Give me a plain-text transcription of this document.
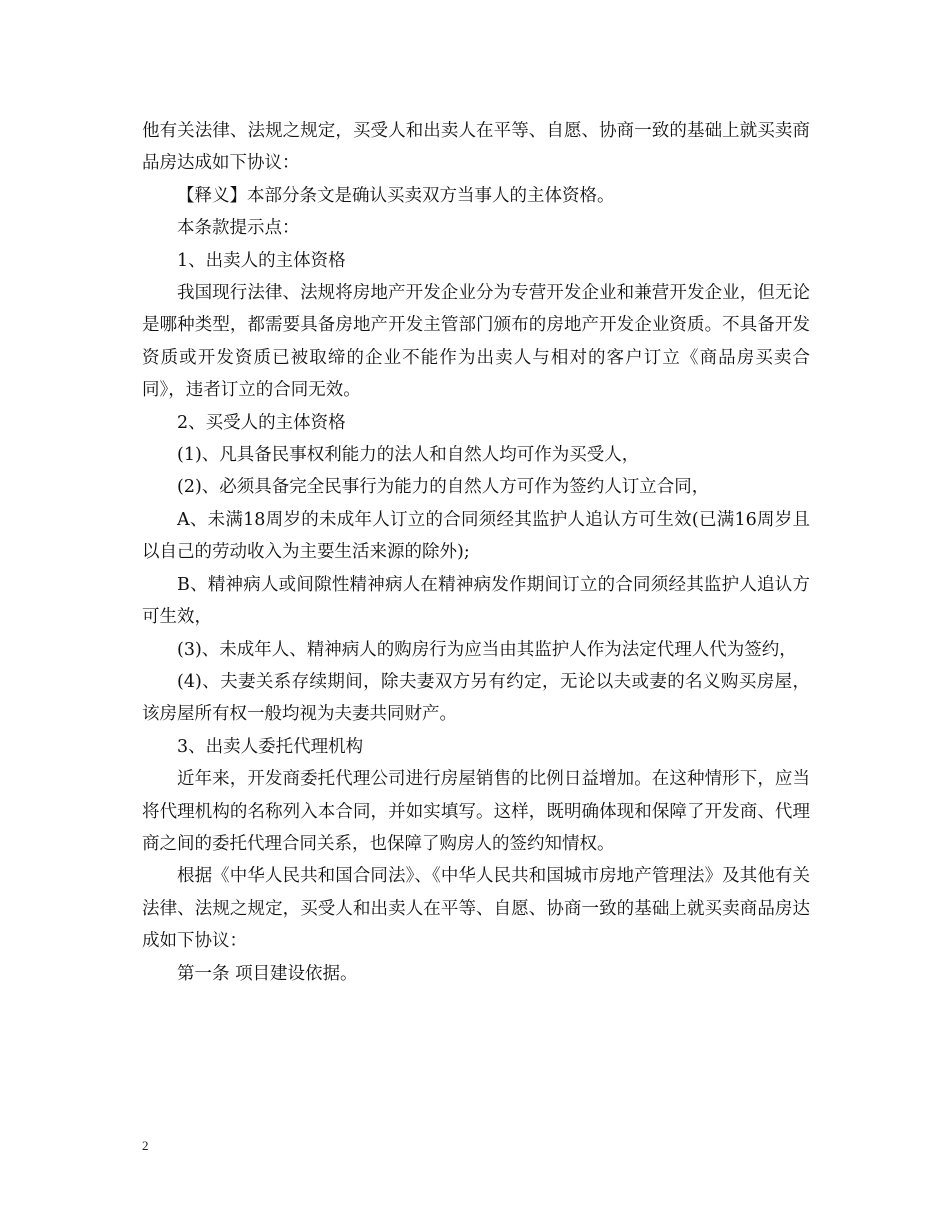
他有关法律、法规之规定，买受人和出卖人在平等、自愿、协商一致的基础上就买卖商品房达成如下协议：

【释义】本部分条文是确认买卖双方当事人的主体资格。

本条款提示点：

1、出卖人的主体资格

我国现行法律、法规将房地产开发企业分为专营开发企业和兼营开发企业，但无论是哪种类型，都需要具备房地产开发主管部门颁布的房地产开发企业资质。不具备开发资质或开发资质已被取缔的企业不能作为出卖人与相对的客户订立《商品房买卖合同》，违者订立的合同无效。

2、买受人的主体资格

(1)、凡具备民事权利能力的法人和自然人均可作为买受人，

(2)、必须具备完全民事行为能力的自然人方可作为签约人订立合同，

A、未满18周岁的未成年人订立的合同须经其监护人追认方可生效(已满16周岁且以自己的劳动收入为主要生活来源的除外);

B、精神病人或间隙性精神病人在精神病发作期间订立的合同须经其监护人追认方可生效，

(3)、未成年人、精神病人的购房行为应当由其监护人作为法定代理人代为签约，

(4)、夫妻关系存续期间，除夫妻双方另有约定，无论以夫或妻的名义购买房屋，该房屋所有权一般均视为夫妻共同财产。

3、出卖人委托代理机构

近年来，开发商委托代理公司进行房屋销售的比例日益增加。在这种情形下，应当将代理机构的名称列入本合同，并如实填写。这样，既明确体现和保障了开发商、代理商之间的委托代理合同关系，也保障了购房人的签约知情权。

根据《中华人民共和国合同法》、《中华人民共和国城市房地产管理法》及其他有关法律、法规之规定，买受人和出卖人在平等、自愿、协商一致的基础上就买卖商品房达成如下协议：

第一条 项目建设依据。

2
